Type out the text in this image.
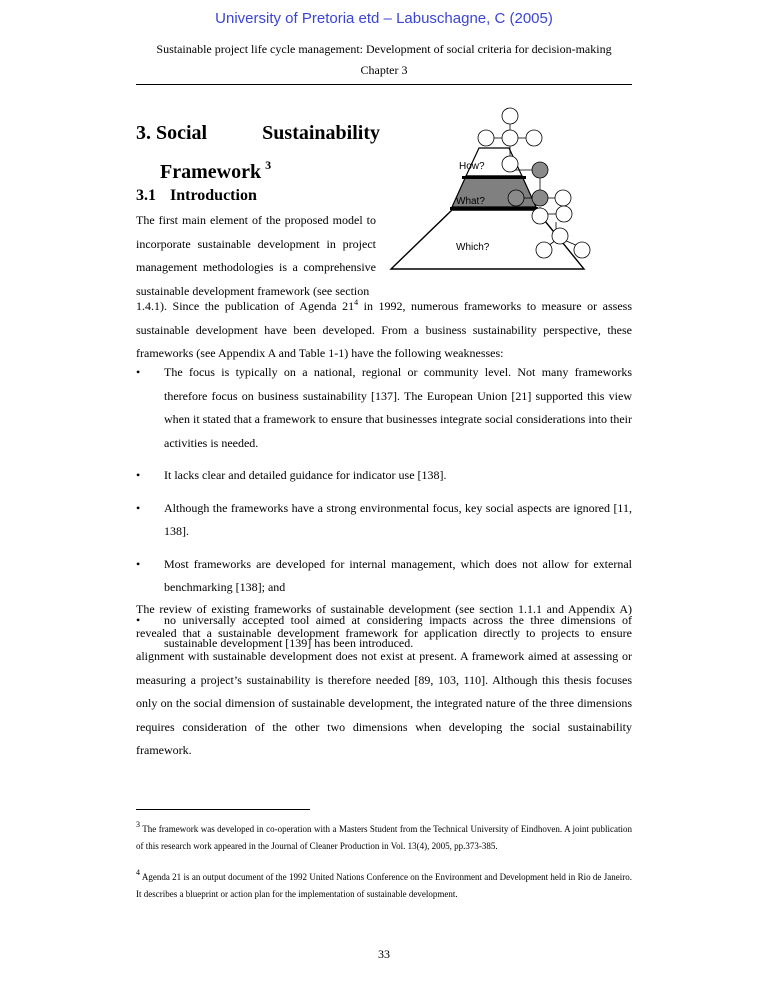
University of Pretoria etd – Labuschagne, C (2005)
Sustainable project life cycle management: Development of social criteria for decision-making
Chapter 3
3. Social	Sustainability
Framework $^3$
3.1 Introduction
How?
What?
Which?
The first main element of the proposed model to incorporate sustainable development in project management methodologies is a comprehensive sustainable development framework (see section
1.4.1). Since the publication of Agenda $21^4$ in 1992, numerous frameworks to measure or assess sustainable development have been developed. From a business sustainability perspective, these frameworks (see Appendix A and Table 1-1) have the following weaknesses:
• The focus is typically on a national, regional or community level. Not many frameworks therefore focus on business sustainability [137]. The European Union [21] supported this view when it stated that a framework to ensure that businesses integrate social considerations into their activities is needed.
• It lacks clear and detailed guidance for indicator use [138].
• Although the frameworks have a strong environmental focus, key social aspects are ignored [11, 138].
• Most frameworks are developed for internal management, which does not allow for external benchmarking [138]; and
• no universally accepted tool aimed at considering impacts across the three dimensions of sustainable development [139] has been introduced.
The review of existing frameworks of sustainable development (see section 1.1.1 and Appendix A) revealed that a sustainable development framework for application directly to projects to ensure alignment with sustainable development does not exist at present. A framework aimed at assessing or measuring a project’s sustainability is therefore needed [89, 103, 110]. Although this thesis focuses only on the social dimension of sustainable development, the integrated nature of the three dimensions requires consideration of the other two dimensions when developing the social sustainability framework.
$^3$ The framework was developed in co-operation with a Masters Student from the Technical University of Eindhoven. A joint publication of this research work appeared in the Journal of Cleaner Production in Vol. 13(4), 2005, pp.373-385.
$^4$ Agenda 21 is an output document of the 1992 United Nations Conference on the Environment and Development held in Rio de Janeiro. It describes a blueprint or action plan for the implementation of sustainable development.
33
